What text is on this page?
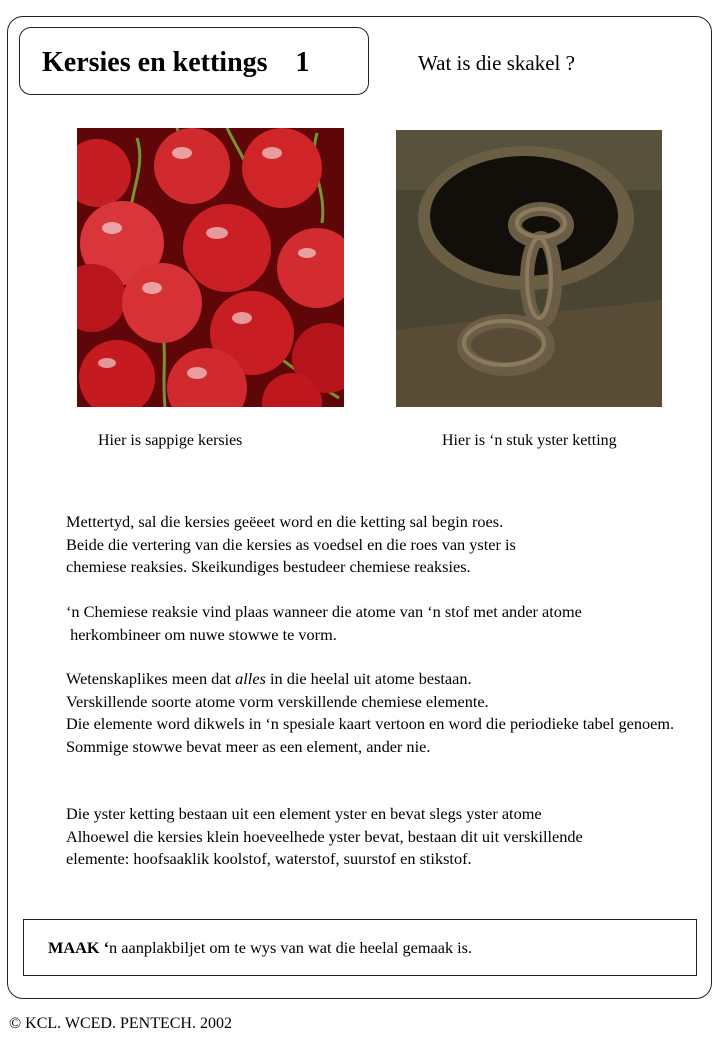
Kersies en kettings    1	Wat is die skakel ?
Hier is sappige kersies	Hier is ‘n stuk yster ketting
Mettertyd, sal die kersies geëeet word en die ketting sal begin roes.
Beide die vertering van die kersies as voedsel en die roes van yster is
chemiese reaksies. Skeikundiges bestudeer chemiese reaksies.
‘n Chemiese reaksie vind plaas wanneer die atome van ‘n stof met ander atome
herkombineer om nuwe stowwe te vorm.
Wetenskaplikes meen dat alles in die heelal uit atome bestaan.
Verskillende soorte atome vorm verskillende chemiese elemente.
Die elemente word dikwels in ‘n spesiale kaart vertoon en word die periodieke tabel genoem.
Sommige stowwe bevat meer as een element, ander nie.
Die yster ketting bestaan uit een element yster en bevat slegs yster atome
Alhoewel die kersies klein hoeveelhede yster bevat, bestaan dit uit verskillende
elemente: hoofsaaklik koolstof, waterstof, suurstof en stikstof.
MAAK ‘n aanplakbiljet om te wys van wat die heelal gemaak is.
© KCL. WCED. PENTECH. 2002
